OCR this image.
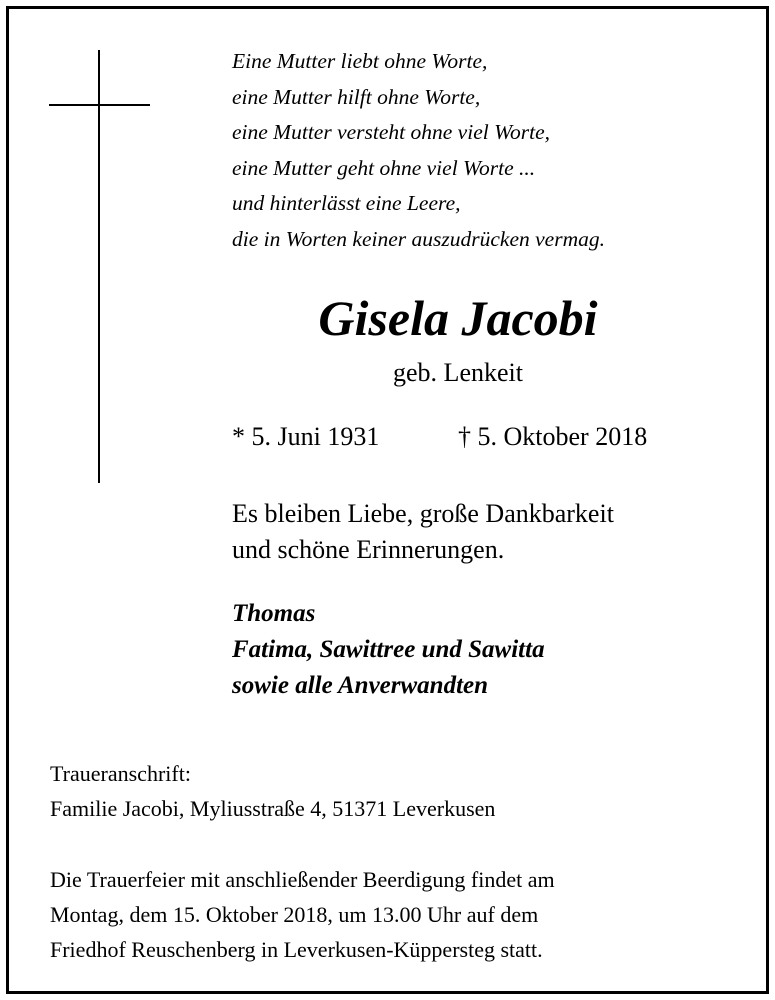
Eine Mutter liebt ohne Worte,
eine Mutter hilft ohne Worte,
eine Mutter versteht ohne viel Worte,
eine Mutter geht ohne viel Worte ...
und hinterlässt eine Leere,
die in Worten keiner auszudrücken vermag.
Gisela Jacobi
geb. Lenkeit
* 5. Juni 1931	† 5. Oktober 2018
Es bleiben Liebe, große Dankbarkeit
und schöne Erinnerungen.
Thomas
Fatima, Sawittree und Sawitta
sowie alle Anverwandten
Traueranschrift:
Familie Jacobi, Myliusstraße 4, 51371 Leverkusen
Die Trauerfeier mit anschließender Beerdigung findet am
Montag, dem 15. Oktober 2018, um 13.00 Uhr auf dem
Friedhof Reuschenberg in Leverkusen-Küppersteg statt.
